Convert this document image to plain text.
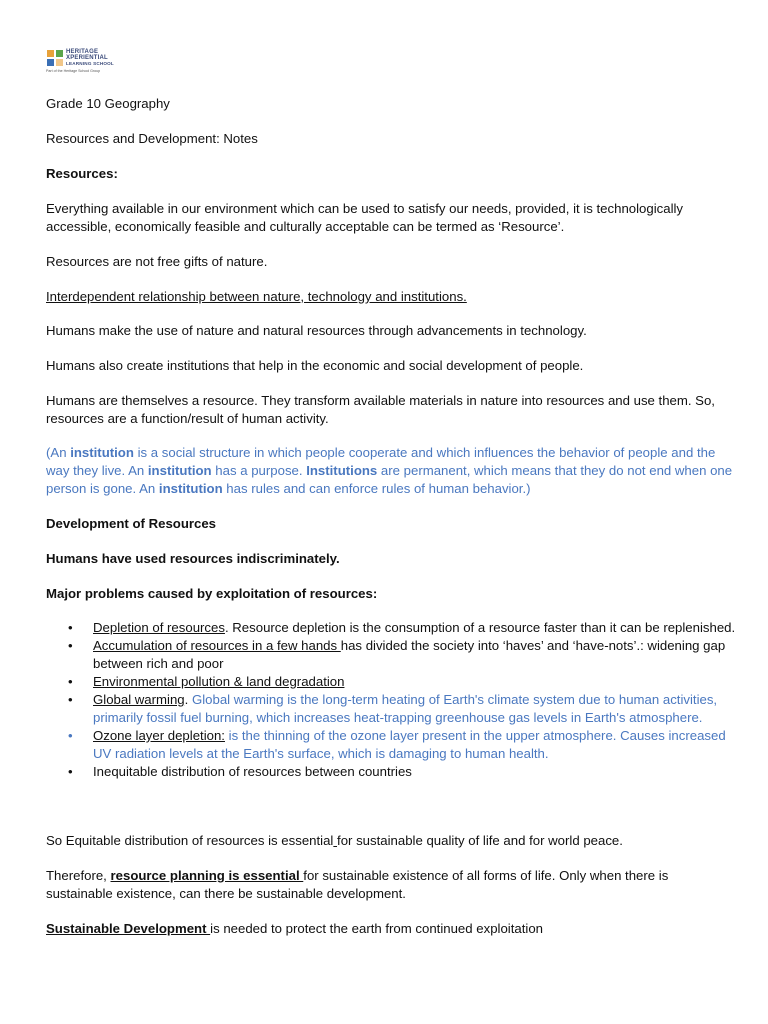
HERITAGE
XPERIENTIAL
LEARNING SCHOOL
Part of the Heritage School Group

Grade 10 Geography

Resources and Development: Notes

Resources:

Everything available in our environment which can be used to satisfy our needs, provided, it is technologically accessible, economically feasible and culturally acceptable can be termed as ‘Resource’.

Resources are not free gifts of nature.

Interdependent relationship between nature, technology and institutions.

Humans make the use of nature and natural resources through advancements in technology.

Humans also create institutions that help in the economic and social development of people.

Humans are themselves a resource. They transform available materials in nature into resources and use them. So, resources are a function/result of human activity.

(An institution is a social structure in which people cooperate and which influences the behavior of people and the way they live. An institution has a purpose. Institutions are permanent, which means that they do not end when one person is gone. An institution has rules and can enforce rules of human behavior.)

Development of Resources

Humans have used resources indiscriminately.

Major problems caused by exploitation of resources:

• Depletion of resources. Resource depletion is the consumption of a resource faster than it can be replenished.
• Accumulation of resources in a few hands has divided the society into ‘haves’ and ‘have-nots’.: widening gap between rich and poor
• Environmental pollution & land degradation
• Global warming. Global warming is the long-term heating of Earth's climate system due to human activities, primarily fossil fuel burning, which increases heat-trapping greenhouse gas levels in Earth's atmosphere.
• Ozone layer depletion: is the thinning of the ozone layer present in the upper atmosphere. Causes increased UV radiation levels at the Earth's surface, which is damaging to human health.
• Inequitable distribution of resources between countries

So Equitable distribution of resources is essential for sustainable quality of life and for world peace.

Therefore, resource planning is essential for sustainable existence of all forms of life. Only when there is sustainable existence, can there be sustainable development.

Sustainable Development is needed to protect the earth from continued exploitation
